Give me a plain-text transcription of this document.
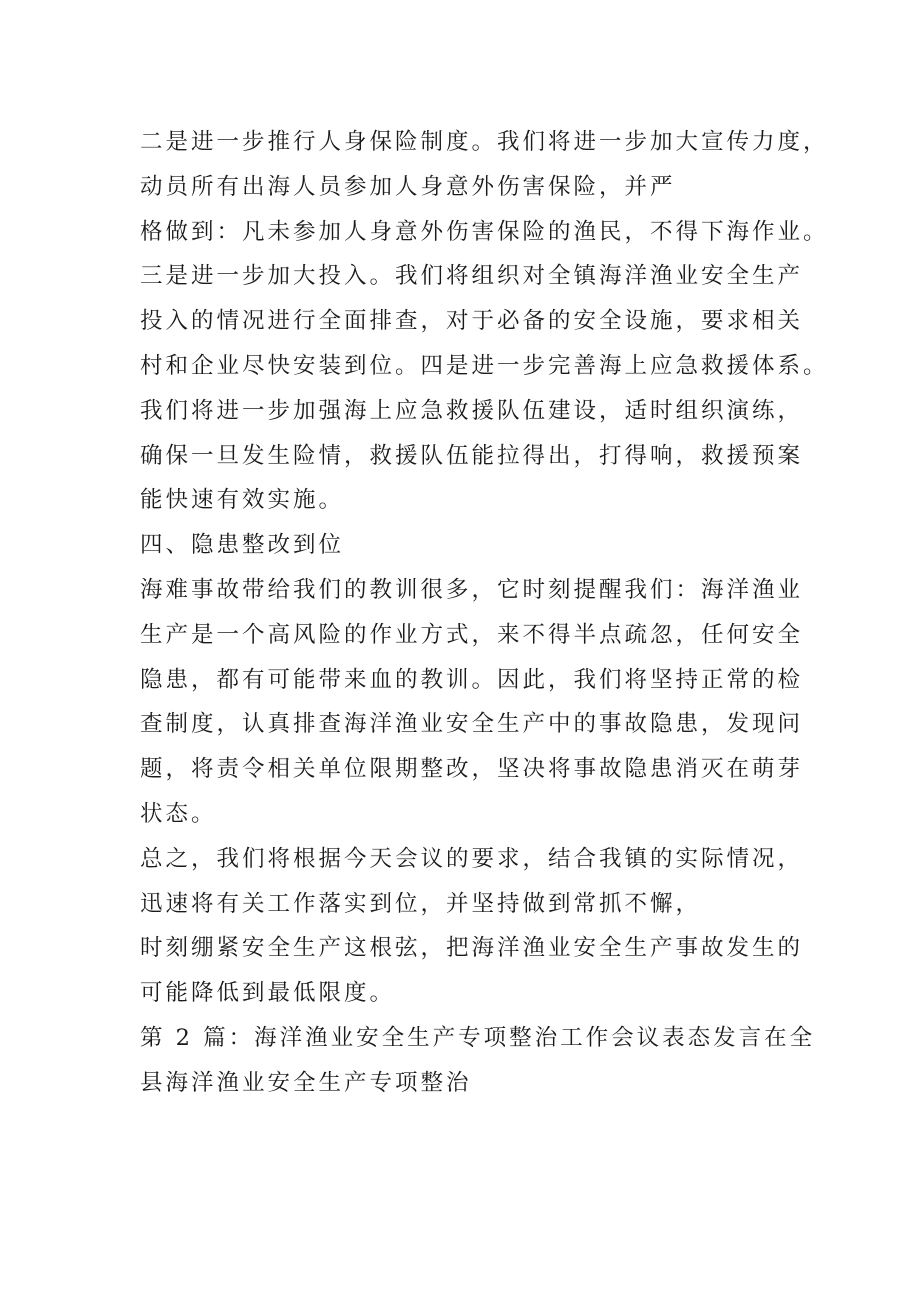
二是进一步推行人身保险制度。我们将进一步加大宣传力度，
动员所有出海人员参加人身意外伤害保险，并严
格做到：凡未参加人身意外伤害保险的渔民，不得下海作业。
三是进一步加大投入。我们将组织对全镇海洋渔业安全生产
投入的情况进行全面排查，对于必备的安全设施，要求相关
村和企业尽快安装到位。四是进一步完善海上应急救援体系。
我们将进一步加强海上应急救援队伍建设，适时组织演练，
确保一旦发生险情，救援队伍能拉得出，打得响，救援预案
能快速有效实施。
四、隐患整改到位
海难事故带给我们的教训很多，它时刻提醒我们：海洋渔业
生产是一个高风险的作业方式，来不得半点疏忽，任何安全
隐患，都有可能带来血的教训。因此，我们将坚持正常的检
查制度，认真排查海洋渔业安全生产中的事故隐患，发现问
题，将责令相关单位限期整改，坚决将事故隐患消灭在萌芽
状态。
总之，我们将根据今天会议的要求，结合我镇的实际情况，
迅速将有关工作落实到位，并坚持做到常抓不懈，
时刻绷紧安全生产这根弦，把海洋渔业安全生产事故发生的
可能降低到最低限度。
第 2 篇：海洋渔业安全生产专项整治工作会议表态发言在全
县海洋渔业安全生产专项整治
